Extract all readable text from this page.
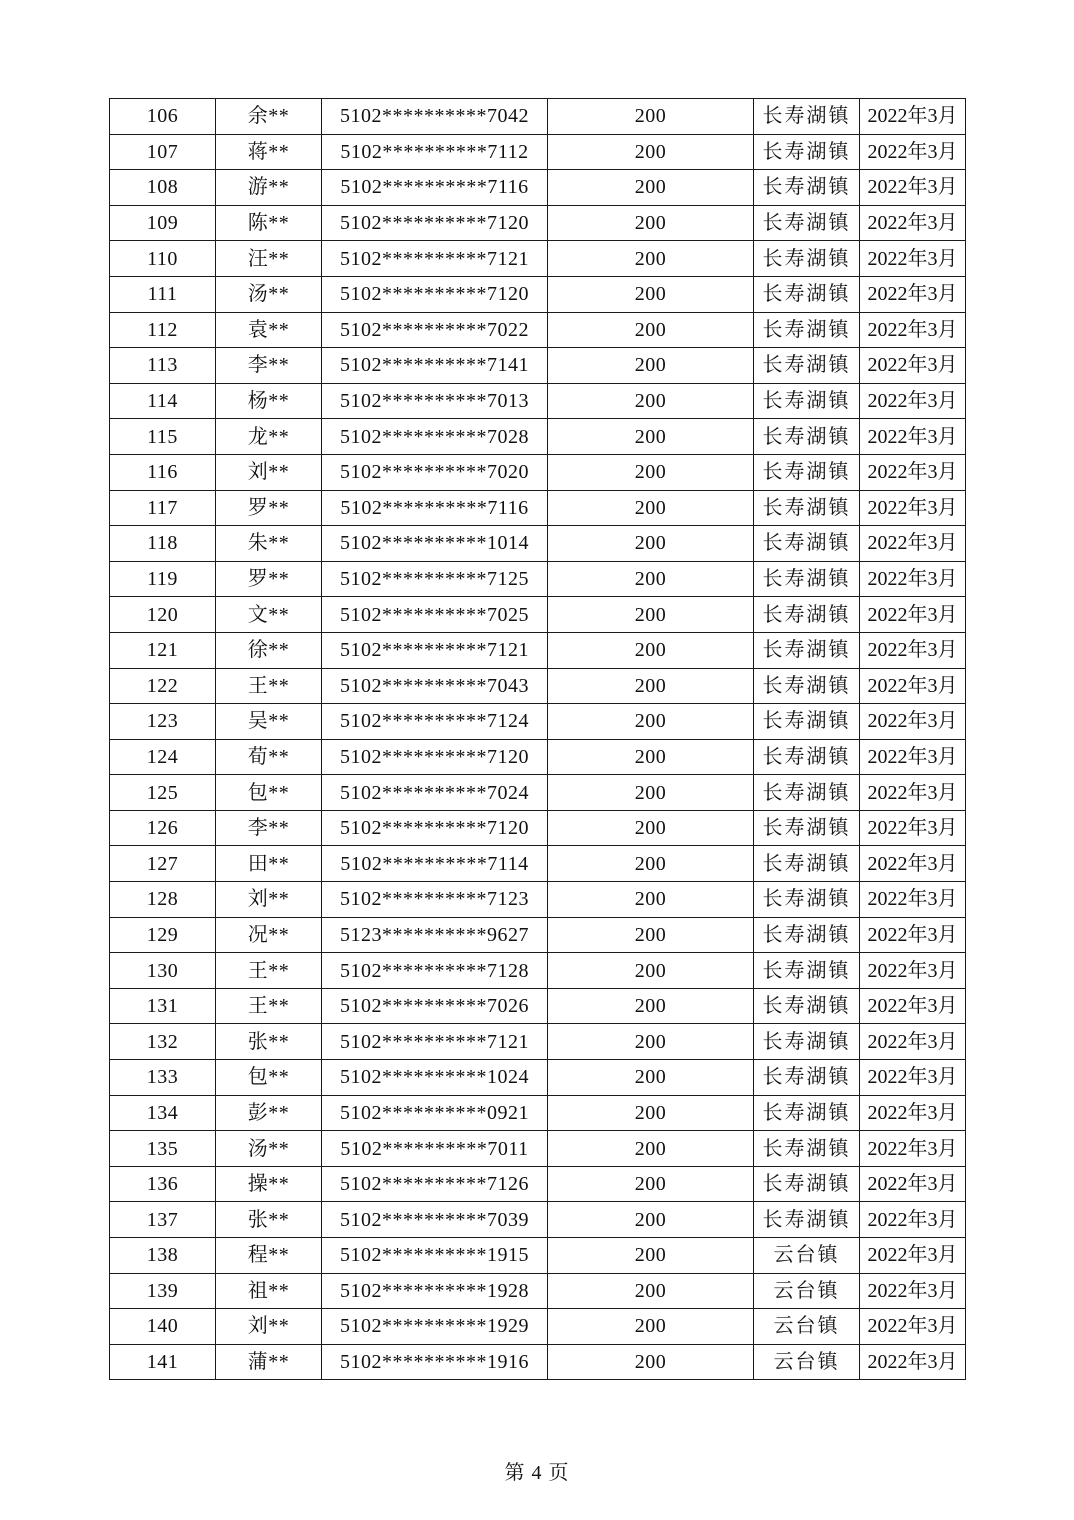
106	余**	5102**********7042	200	长寿湖镇	2022年3月
107	蒋**	5102**********7112	200	长寿湖镇	2022年3月
108	游**	5102**********7116	200	长寿湖镇	2022年3月
109	陈**	5102**********7120	200	长寿湖镇	2022年3月
110	汪**	5102**********7121	200	长寿湖镇	2022年3月
111	汤**	5102**********7120	200	长寿湖镇	2022年3月
112	袁**	5102**********7022	200	长寿湖镇	2022年3月
113	李**	5102**********7141	200	长寿湖镇	2022年3月
114	杨**	5102**********7013	200	长寿湖镇	2022年3月
115	龙**	5102**********7028	200	长寿湖镇	2022年3月
116	刘**	5102**********7020	200	长寿湖镇	2022年3月
117	罗**	5102**********7116	200	长寿湖镇	2022年3月
118	朱**	5102**********1014	200	长寿湖镇	2022年3月
119	罗**	5102**********7125	200	长寿湖镇	2022年3月
120	文**	5102**********7025	200	长寿湖镇	2022年3月
121	徐**	5102**********7121	200	长寿湖镇	2022年3月
122	王**	5102**********7043	200	长寿湖镇	2022年3月
123	吴**	5102**********7124	200	长寿湖镇	2022年3月
124	荀**	5102**********7120	200	长寿湖镇	2022年3月
125	包**	5102**********7024	200	长寿湖镇	2022年3月
126	李**	5102**********7120	200	长寿湖镇	2022年3月
127	田**	5102**********7114	200	长寿湖镇	2022年3月
128	刘**	5102**********7123	200	长寿湖镇	2022年3月
129	况**	5123**********9627	200	长寿湖镇	2022年3月
130	王**	5102**********7128	200	长寿湖镇	2022年3月
131	王**	5102**********7026	200	长寿湖镇	2022年3月
132	张**	5102**********7121	200	长寿湖镇	2022年3月
133	包**	5102**********1024	200	长寿湖镇	2022年3月
134	彭**	5102**********0921	200	长寿湖镇	2022年3月
135	汤**	5102**********7011	200	长寿湖镇	2022年3月
136	操**	5102**********7126	200	长寿湖镇	2022年3月
137	张**	5102**********7039	200	长寿湖镇	2022年3月
138	程**	5102**********1915	200	云台镇	2022年3月
139	祖**	5102**********1928	200	云台镇	2022年3月
140	刘**	5102**********1929	200	云台镇	2022年3月
141	蒲**	5102**********1916	200	云台镇	2022年3月
第 4 页
